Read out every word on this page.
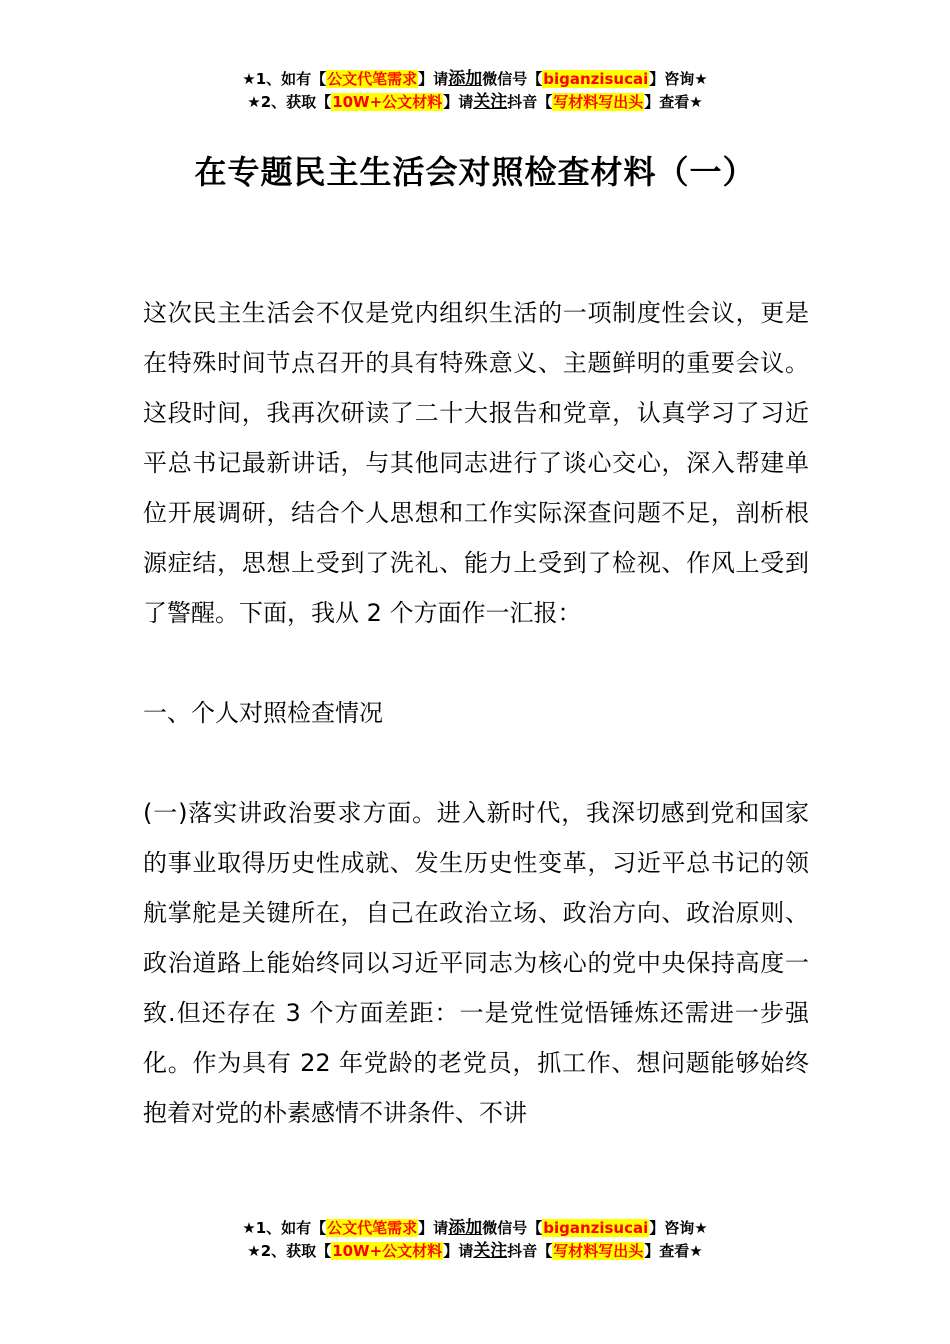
★1、如有【公文代笔需求】请添加微信号【biganzisucai】咨询★
★2、获取【10W+公文材料】请关注抖音【写材料写出头】查看★
在专题民主生活会对照检查材料（一）

这次民主生活会不仅是党内组织生活的一项制度性会议，更是在特殊时间节点召开的具有特殊意义、主题鲜明的重要会议。这段时间，我再次研读了二十大报告和党章，认真学习了习近平总书记最新讲话，与其他同志进行了谈心交心，深入帮建单位开展调研，结合个人思想和工作实际深查问题不足，剖析根源症结，思想上受到了洗礼、能力上受到了检视、作风上受到了警醒。下面，我从 2 个方面作一汇报：

一、个人对照检查情况

(一)落实讲政治要求方面。进入新时代，我深切感到党和国家的事业取得历史性成就、发生历史性变革，习近平总书记的领航掌舵是关键所在，自己在政治立场、政治方向、政治原则、政治道路上能始终同以习近平同志为核心的党中央保持高度一致.但还存在 3 个方面差距：一是党性觉悟锤炼还需进一步强化。作为具有 22 年党龄的老党员，抓工作、想问题能够始终抱着对党的朴素感情不讲条件、不讲

★1、如有【公文代笔需求】请添加微信号【biganzisucai】咨询★
★2、获取【10W+公文材料】请关注抖音【写材料写出头】查看★
